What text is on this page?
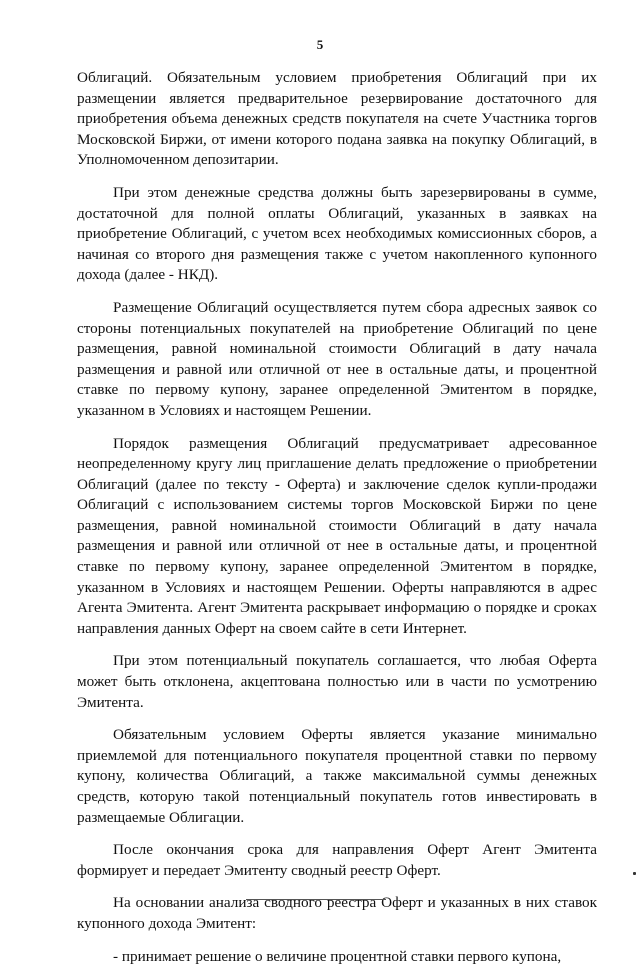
5

Облигаций. Обязательным условием приобретения Облигаций при их размещении является предварительное резервирование достаточного для приобретения объема денежных средств покупателя на счете Участника торгов Московской Биржи, от имени которого подана заявка на покупку Облигаций, в Уполномоченном депозитарии.

При этом денежные средства должны быть зарезервированы в сумме, достаточной для полной оплаты Облигаций, указанных в заявках на приобретение Облигаций, с учетом всех необходимых комиссионных сборов, а начиная со второго дня размещения также с учетом накопленного купонного дохода (далее - НКД).

Размещение Облигаций осуществляется путем сбора адресных заявок со стороны потенциальных покупателей на приобретение Облигаций по цене размещения, равной номинальной стоимости Облигаций в дату начала размещения и равной или отличной от нее в остальные даты, и процентной ставке по первому купону, заранее определенной Эмитентом в порядке, указанном в Условиях и настоящем Решении.

Порядок размещения Облигаций предусматривает адресованное неопределенному кругу лиц приглашение делать предложение о приобретении Облигаций (далее по тексту - Оферта) и заключение сделок купли-продажи Облигаций с использованием системы торгов Московской Биржи по цене размещения, равной номинальной стоимости Облигаций в дату начала размещения и равной или отличной от нее в остальные даты, и процентной ставке по первому купону, заранее определенной Эмитентом в порядке, указанном в Условиях и настоящем Решении. Оферты направляются в адрес Агента Эмитента. Агент Эмитента раскрывает информацию о порядке и сроках направления данных Оферт на своем сайте в сети Интернет.

При этом потенциальный покупатель соглашается, что любая Оферта может быть отклонена, акцептована полностью или в части по усмотрению Эмитента.

Обязательным условием Оферты является указание минимально приемлемой для потенциального покупателя процентной ставки по первому купону, количества Облигаций, а также максимальной суммы денежных средств, которую такой потенциальный покупатель готов инвестировать в размещаемые Облигации.

После окончания срока для направления Оферт Агент Эмитента формирует и передает Эмитенту сводный реестр Оферт.

На основании анализа сводного реестра Оферт и указанных в них ставок купонного дохода Эмитент:

- принимает решение о величине процентной ставки первого купона,
